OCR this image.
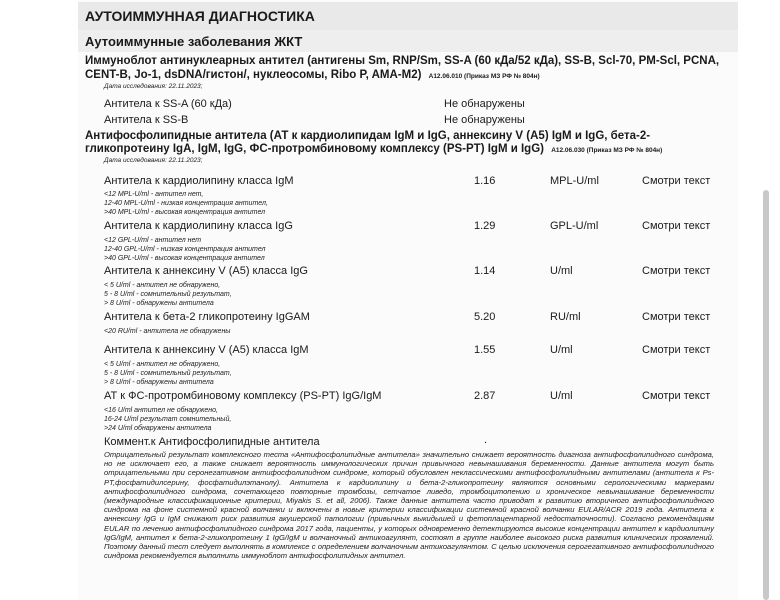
АУТОИММУННАЯ ДИАГНОСТИКА
Аутоиммунные заболевания ЖКТ
Иммуноблот антинуклеарных антител (антигены Sm, RNP/Sm, SS-A (60 кДа/52 кДа), SS-B, Scl-70, PM-Scl, PCNA,
CENT-B, Jo-1, dsDNA/гистон/, нуклеосомы, Ribo P, AMA-M2) A12.06.010 (Приказ МЗ РФ № 804н)
Дата исследования: 22.11.2023;
Антитела к SS-A (60 кДа)	Не обнаружены
Антитела к SS-B	Не обнаружены
Антифосфолипидные антитела (АТ к кардиолипидам IgM и IgG, аннексину V (А5) IgM и IgG, бета-2-
гликопротеину IgA, IgM, IgG, ФС-протромбиновому комплексу (PS-PT) IgM и IgG) A12.06.030 (Приказ МЗ РФ № 804н)
Дата исследования: 22.11.2023;
Антитела к кардиолипину класса IgM	1.16	MPL-U/ml	Смотри текст
<12 MPL-U/ml - антител нет,
12-40 MPL-U/ml - низкая концентрация антител,
>40 MPL-U/ml - высокая концентрация антител
Антитела к кардиолипину класса IgG	1.29	GPL-U/ml	Смотри текст
<12 GPL-U/ml - антител нет
12-40 GPL-U/ml - низкая концентрация антител
>40 GPL-U/ml - высокая концентрация антител
Антитела к аннексину V (А5) класса IgG	1.14	U/ml	Смотри текст
< 5 U/ml - антител не обнаружено,
5 - 8 U/ml - сомнительный результат,
> 8 U/ml - обнаружены антитела
Антитела к бета-2 гликопротеину IgGAM	5.20	RU/ml	Смотри текст
<20 RU/ml - антитела не обнаружены
Антитела к аннексину V (А5) класса IgM	1.55	U/ml	Смотри текст
< 5 U/ml - антител не обнаружено,
5 - 8 U/ml - сомнительный результат,
> 8 U/ml - обнаружены антитела
АТ к ФС-протромбиновому комплексу (PS-PT) IgG/IgM	2.87	U/ml	Смотри текст
<16 U/ml антител не обнаружено,
16-24 U/ml результат сомнительный,
>24 U/ml обнаружены антитела
Коммент.к Антифосфолипидные антитела	.
Отрицательный результат комплексного теста «Антифосфолипидные антитела» значительно снижает вероятность диагноза антифосфолипидного синдрома, но не исключает его, а также снижает вероятность иммунологических причин привычного невынашивания беременности. Данные антитела могут быть отрицательными при серонегативном антифосфолипидном синдроме, который обусловлен неклассическими антифосфолипидными антителами (антитела к Ps-PT,фосфатидилсерину, фосфатидилэтанолу). Антитела к кардиолипину и бета-2-гликопротеину являются основными серологическими маркерами антифосфолипидного синдрома, сочетающего повторные тромбозы, сетчатое ливедо, тромбоцитопению и хроническое невынашивание беременности (международные классификационные критерии, Miyakis S. et all, 2006). Также данные антитела часто приводят к развитию вторичного антифосфолипидного синдрома на фоне системной красной волчанки и включены в новые критерии классификации системной красной волчанки EULAR/ACR 2019 года. Антитела к аннексину IgG и IgM снижают риск развития акушерской патологии (привычных выкидышей и фетоплацентарной недостаточности). Согласно рекомендациям EULAR по лечению антифосфолипидного синдрома 2017 года, пациенты, у которых одновременно детектируются высокие концентрации антител к кардиолипину IgG/IgM, антител к бета-2-гликопротеину 1 IgG/IgM и волчаночный антикоагулянт, состоят в группе наиболее высокого риска развития клинических проявлений. Поэтому данный тест следует выполнять в комплексе с определением волчаночным антикоагулянтом. С целью исключения серогегативного антифосфолипидного синдрома рекомендуется выполнить иммуноблот антифосфолипидных антител.
